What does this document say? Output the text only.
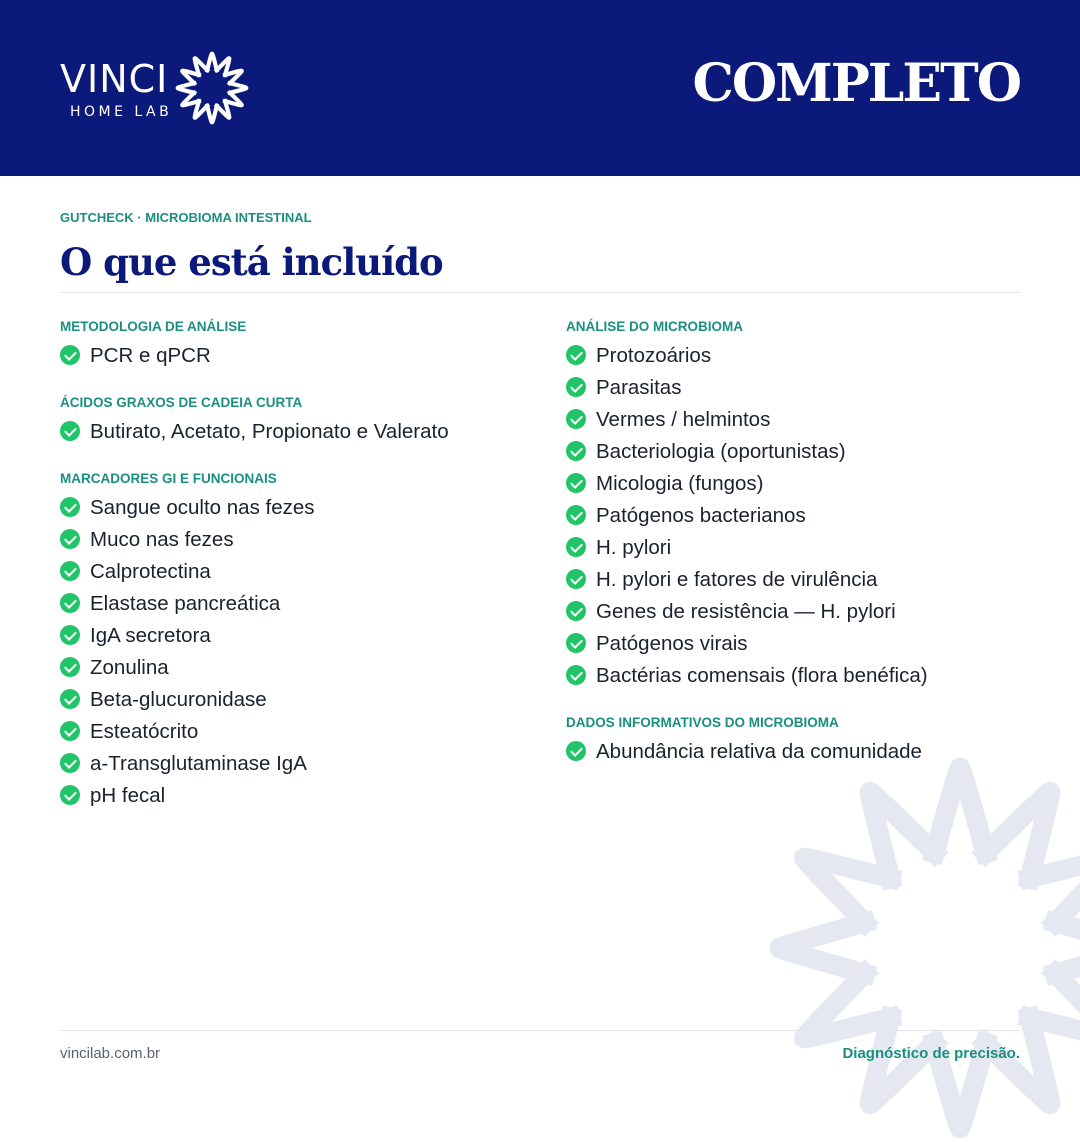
VINCI
HOME LAB	COMPLETO
GUTCHECK · MICROBIOMA INTESTINAL
O que está incluído
METODOLOGIA DE ANÁLISE
PCR e qPCR
ÁCIDOS GRAXOS DE CADEIA CURTA
Butirato, Acetato, Propionato e Valerato
MARCADORES GI E FUNCIONAIS
Sangue oculto nas fezes
Muco nas fezes
Calprotectina
Elastase pancreática
IgA secretora
Zonulina
Beta-glucuronidase
Esteatócrito
a-Transglutaminase IgA
pH fecal
ANÁLISE DO MICROBIOMA
Protozoários
Parasitas
Vermes / helmintos
Bacteriologia (oportunistas)
Micologia (fungos)
Patógenos bacterianos
H. pylori
H. pylori e fatores de virulência
Genes de resistência — H. pylori
Patógenos virais
Bactérias comensais (flora benéfica)
DADOS INFORMATIVOS DO MICROBIOMA
Abundância relativa da comunidade
vincilab.com.br	Diagnóstico de precisão.
